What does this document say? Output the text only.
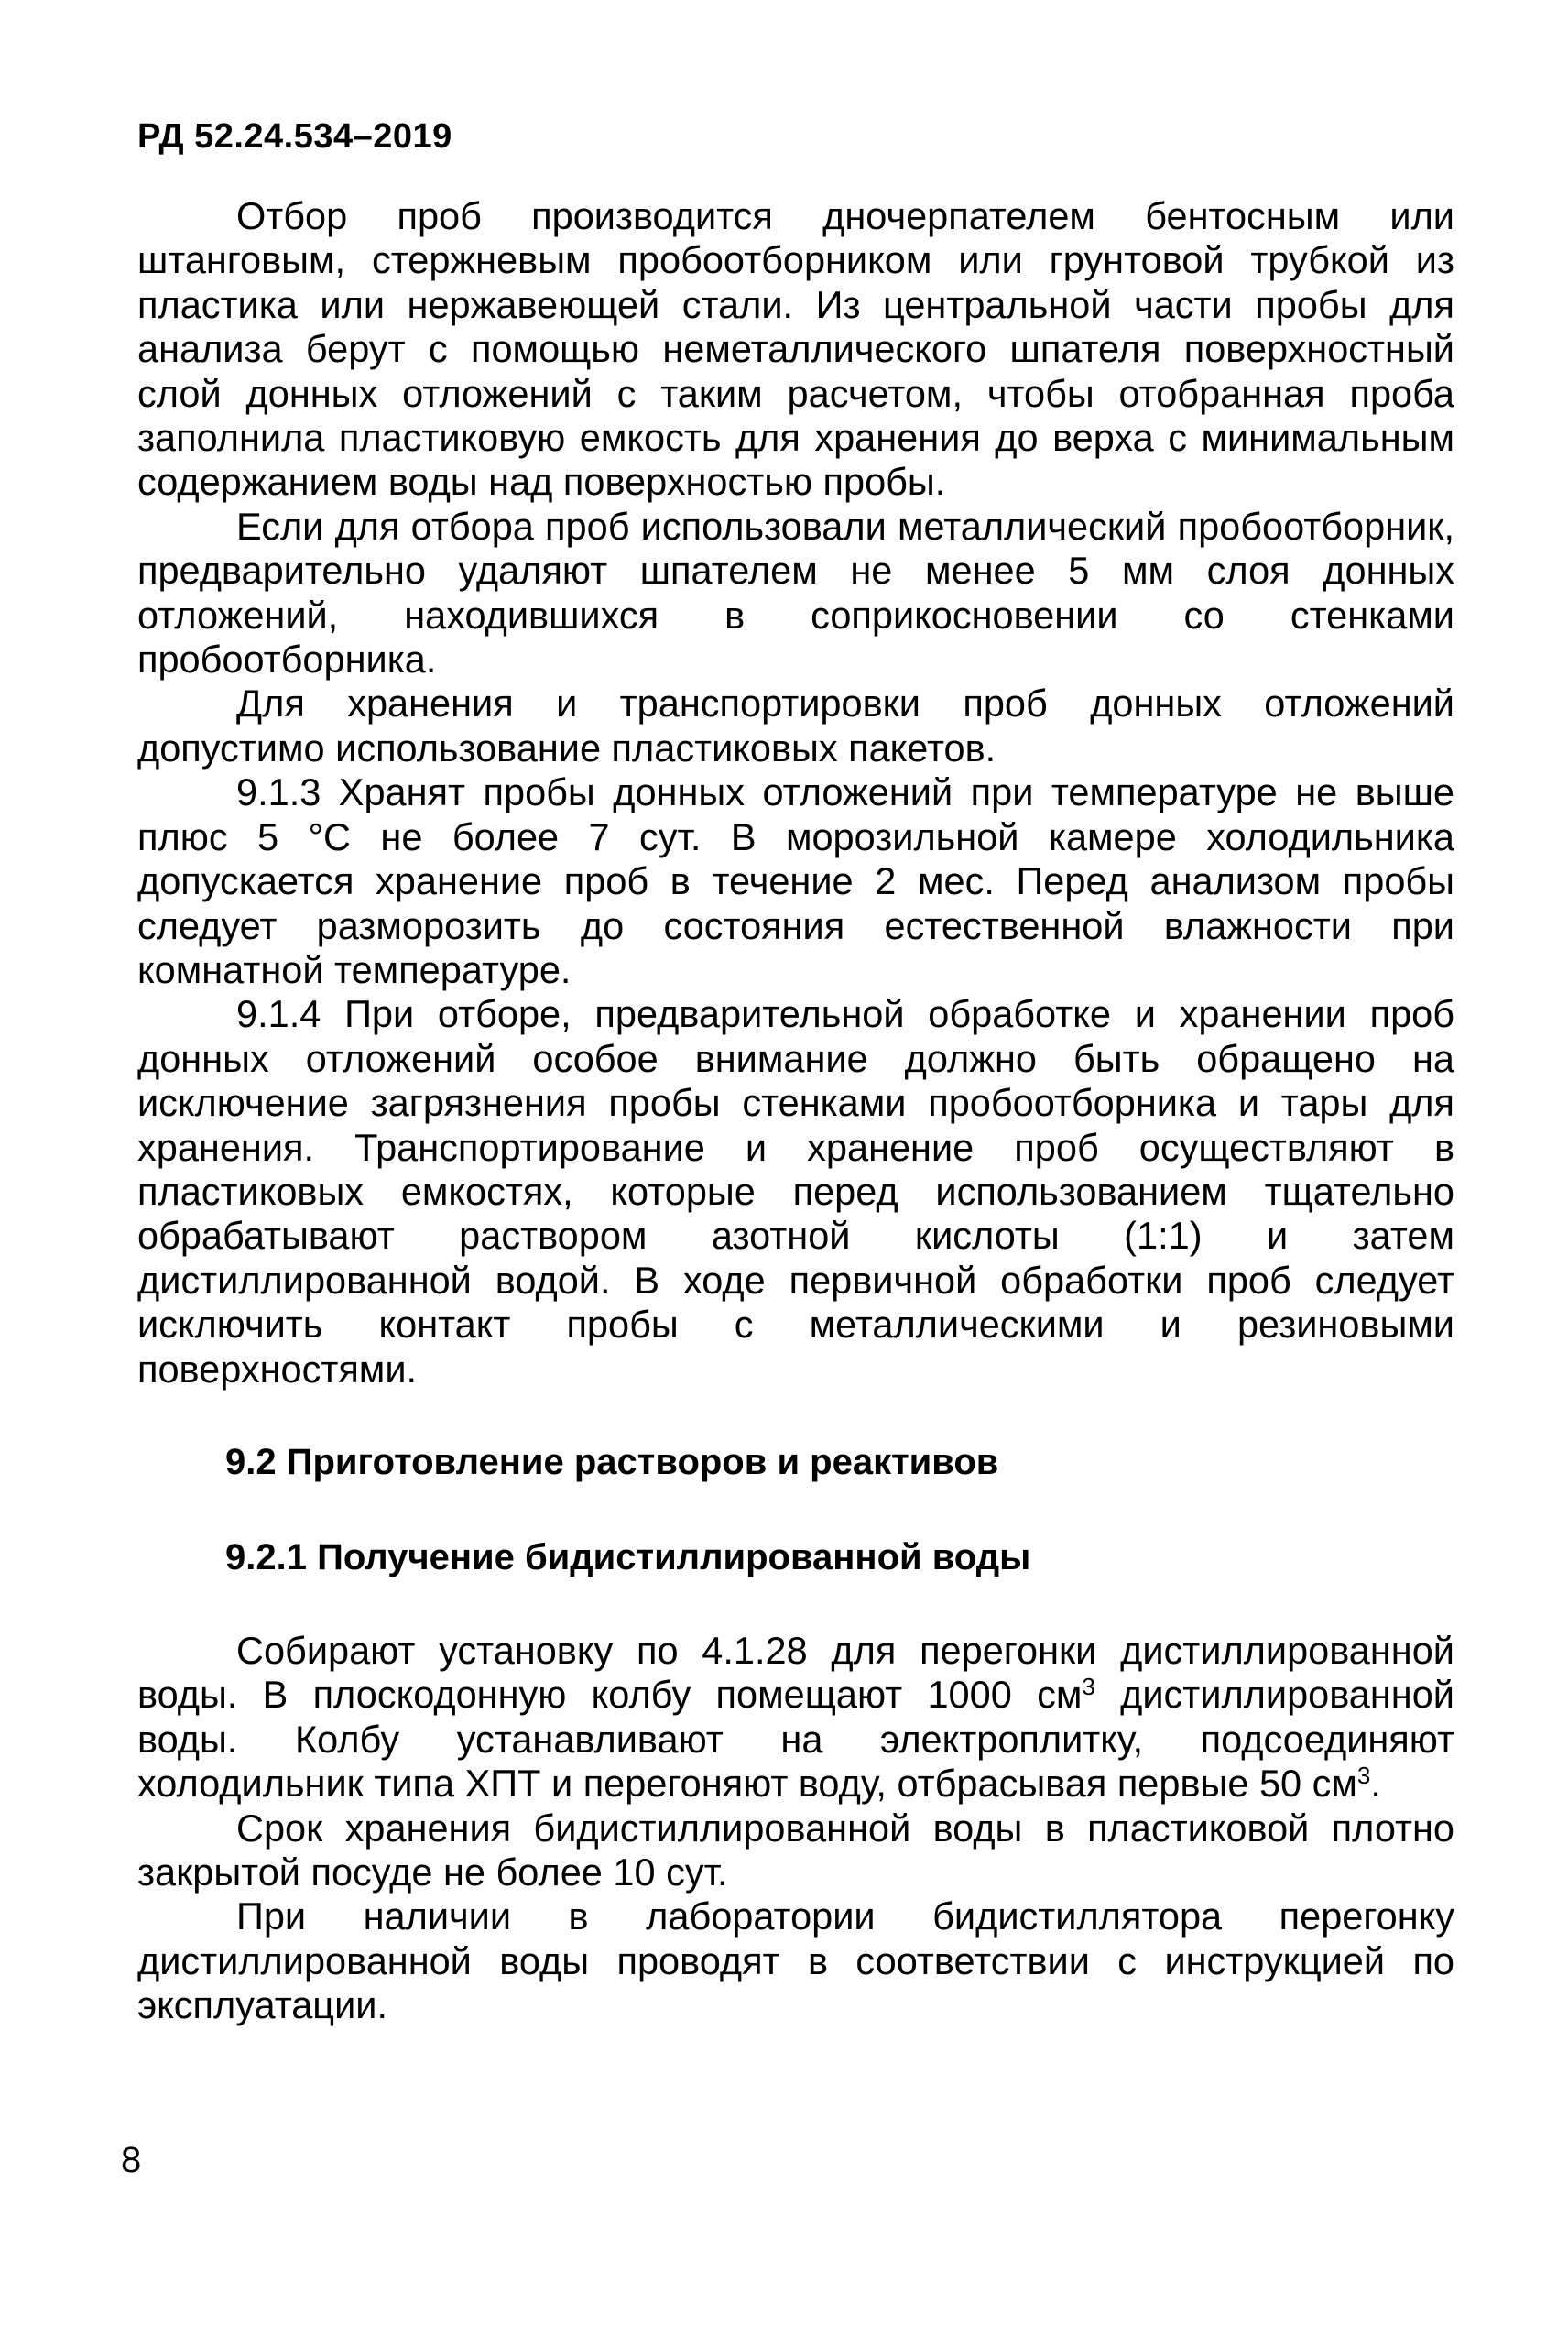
РД 52.24.534–2019

Отбор проб производится дночерпателем бентосным или штанговым, стержневым пробоотборником или грунтовой трубкой из пластика или нержавеющей стали. Из центральной части пробы для анализа берут с помощью неметаллического шпателя поверхностный слой донных отложений с таким расчетом, чтобы отобранная проба заполнила пластиковую емкость для хранения до верха с минимальным содержанием воды над поверхностью пробы.

Если для отбора проб использовали металлический пробоотборник, предварительно удаляют шпателем не менее 5 мм слоя донных отложений, находившихся в соприкосновении со стенками пробоотборника.

Для хранения и транспортировки проб донных отложений допустимо использование пластиковых пакетов.

9.1.3 Хранят пробы донных отложений при температуре не выше плюс 5 °С не более 7 сут. В морозильной камере холодильника допускается хранение проб в течение 2 мес. Перед анализом пробы следует разморозить до состояния естественной влажности при комнатной температуре.

9.1.4 При отборе, предварительной обработке и хранении проб донных отложений особое внимание должно быть обращено на исключение загрязнения пробы стенками пробоотборника и тары для хранения. Транспортирование и хранение проб осуществляют в пластиковых емкостях, которые перед использованием тщательно обрабатывают раствором азотной кислоты (1:1) и затем дистиллированной водой. В ходе первичной обработки проб следует исключить контакт пробы с металлическими и резиновыми поверхностями.

9.2 Приготовление растворов и реактивов
9.2.1 Получение бидистиллированной воды

Собирают установку по 4.1.28 для перегонки дистиллированной воды. В плоскодонную колбу помещают 1000 $см^3$ дистиллированной воды. Колбу устанавливают на электроплитку, подсоединяют холодильник типа ХПТ и перегоняют воду, отбрасывая первые 50 $см^3$.

Срок хранения бидистиллированной воды в пластиковой плотно закрытой посуде не более 10 сут.

При наличии в лаборатории бидистиллятора перегонку дистиллированной воды проводят в соответствии с инструкцией по эксплуатации.

8
